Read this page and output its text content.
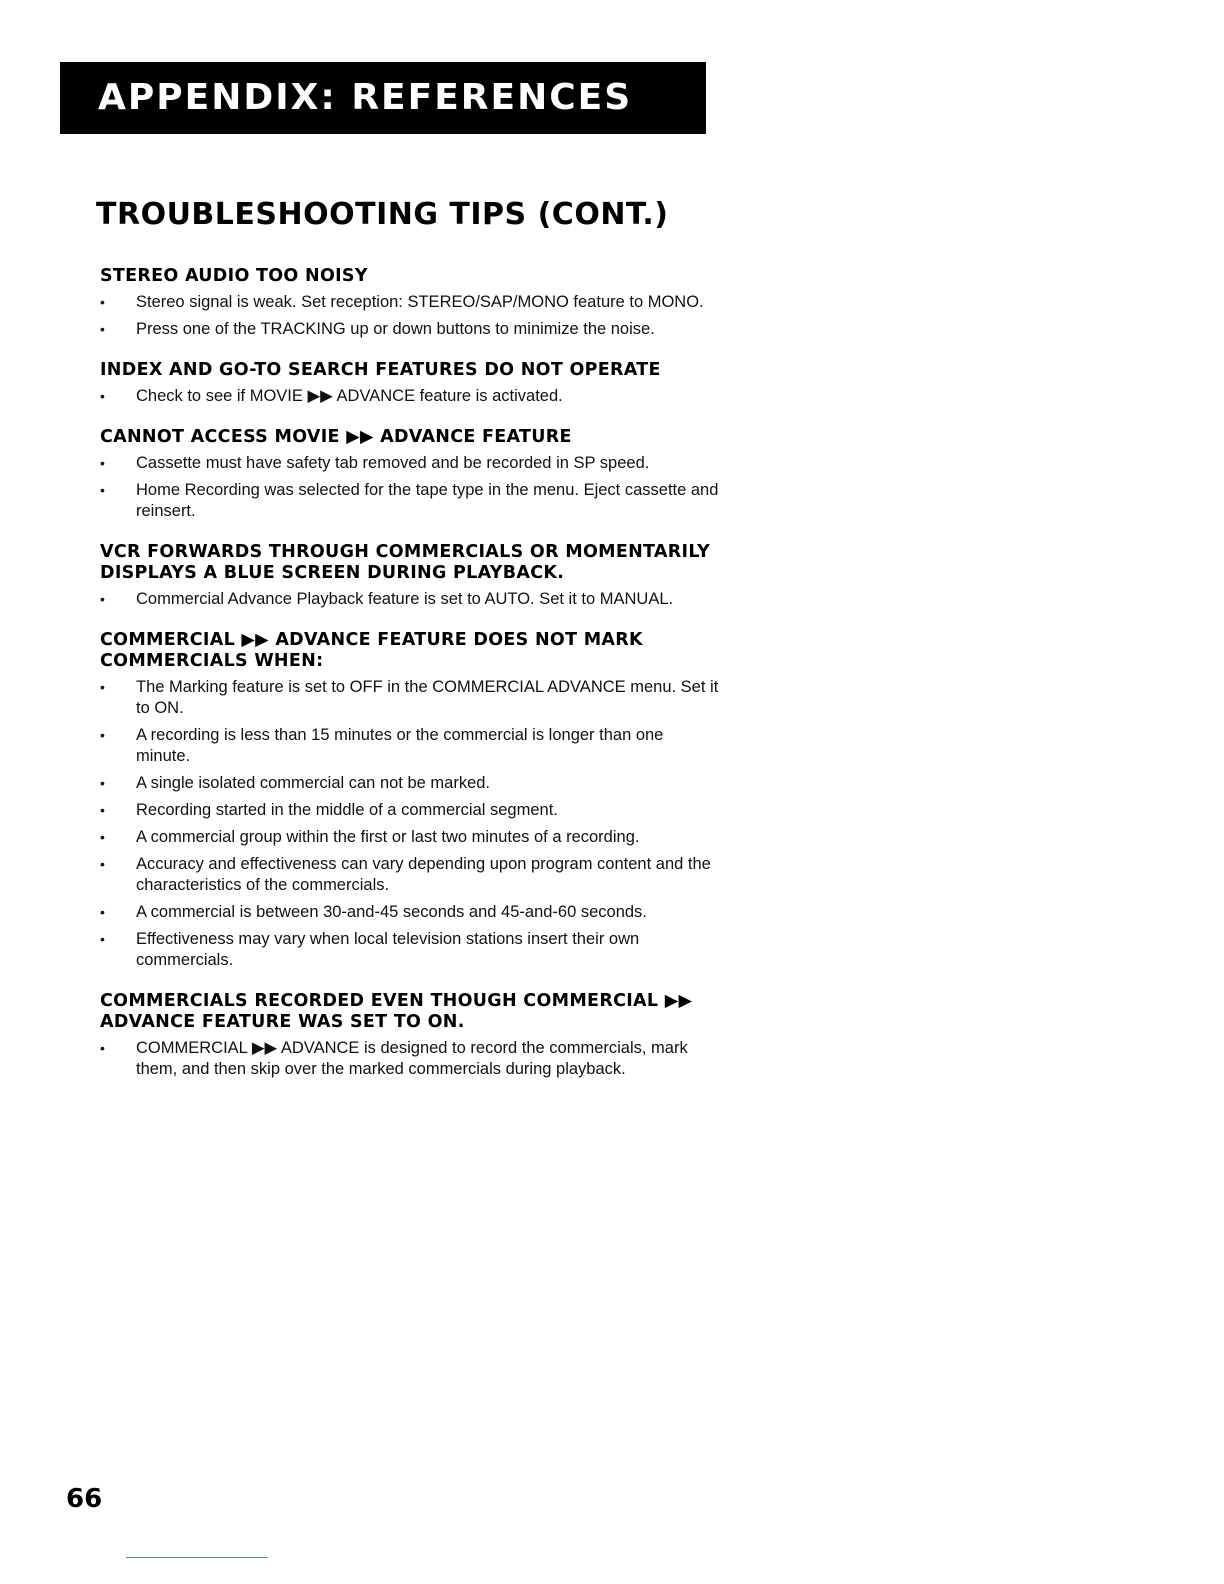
APPENDIX: REFERENCES
TROUBLESHOOTING TIPS (CONT.)
STEREO AUDIO TOO NOISY
• Stereo signal is weak. Set reception: STEREO/SAP/MONO feature to MONO.
• Press one of the TRACKING up or down buttons to minimize the noise.
INDEX AND GO-TO SEARCH FEATURES DO NOT OPERATE
• Check to see if MOVIE ▶▶ ADVANCE feature is activated.
CANNOT ACCESS MOVIE ▶▶ ADVANCE FEATURE
• Cassette must have safety tab removed and be recorded in SP speed.
• Home Recording was selected for the tape type in the menu. Eject cassette and reinsert.
VCR FORWARDS THROUGH COMMERCIALS OR MOMENTARILY DISPLAYS A BLUE SCREEN DURING PLAYBACK.
• Commercial Advance Playback feature is set to AUTO. Set it to MANUAL.
COMMERCIAL ▶▶ ADVANCE FEATURE DOES NOT MARK COMMERCIALS WHEN:
• The Marking feature is set to OFF in the COMMERCIAL ADVANCE menu. Set it to ON.
• A recording is less than 15 minutes or the commercial is longer than one minute.
• A single isolated commercial can not be marked.
• Recording started in the middle of a commercial segment.
• A commercial group within the first or last two minutes of a recording.
• Accuracy and effectiveness can vary depending upon program content and the characteristics of the commercials.
• A commercial is between 30-and-45 seconds and 45-and-60 seconds.
• Effectiveness may vary when local television stations insert their own commercials.
COMMERCIALS RECORDED EVEN THOUGH COMMERCIAL ▶▶ ADVANCE FEATURE WAS SET TO ON.
• COMMERCIAL ▶▶ ADVANCE is designed to record the commercials, mark them, and then skip over the marked commercials during playback.
66
